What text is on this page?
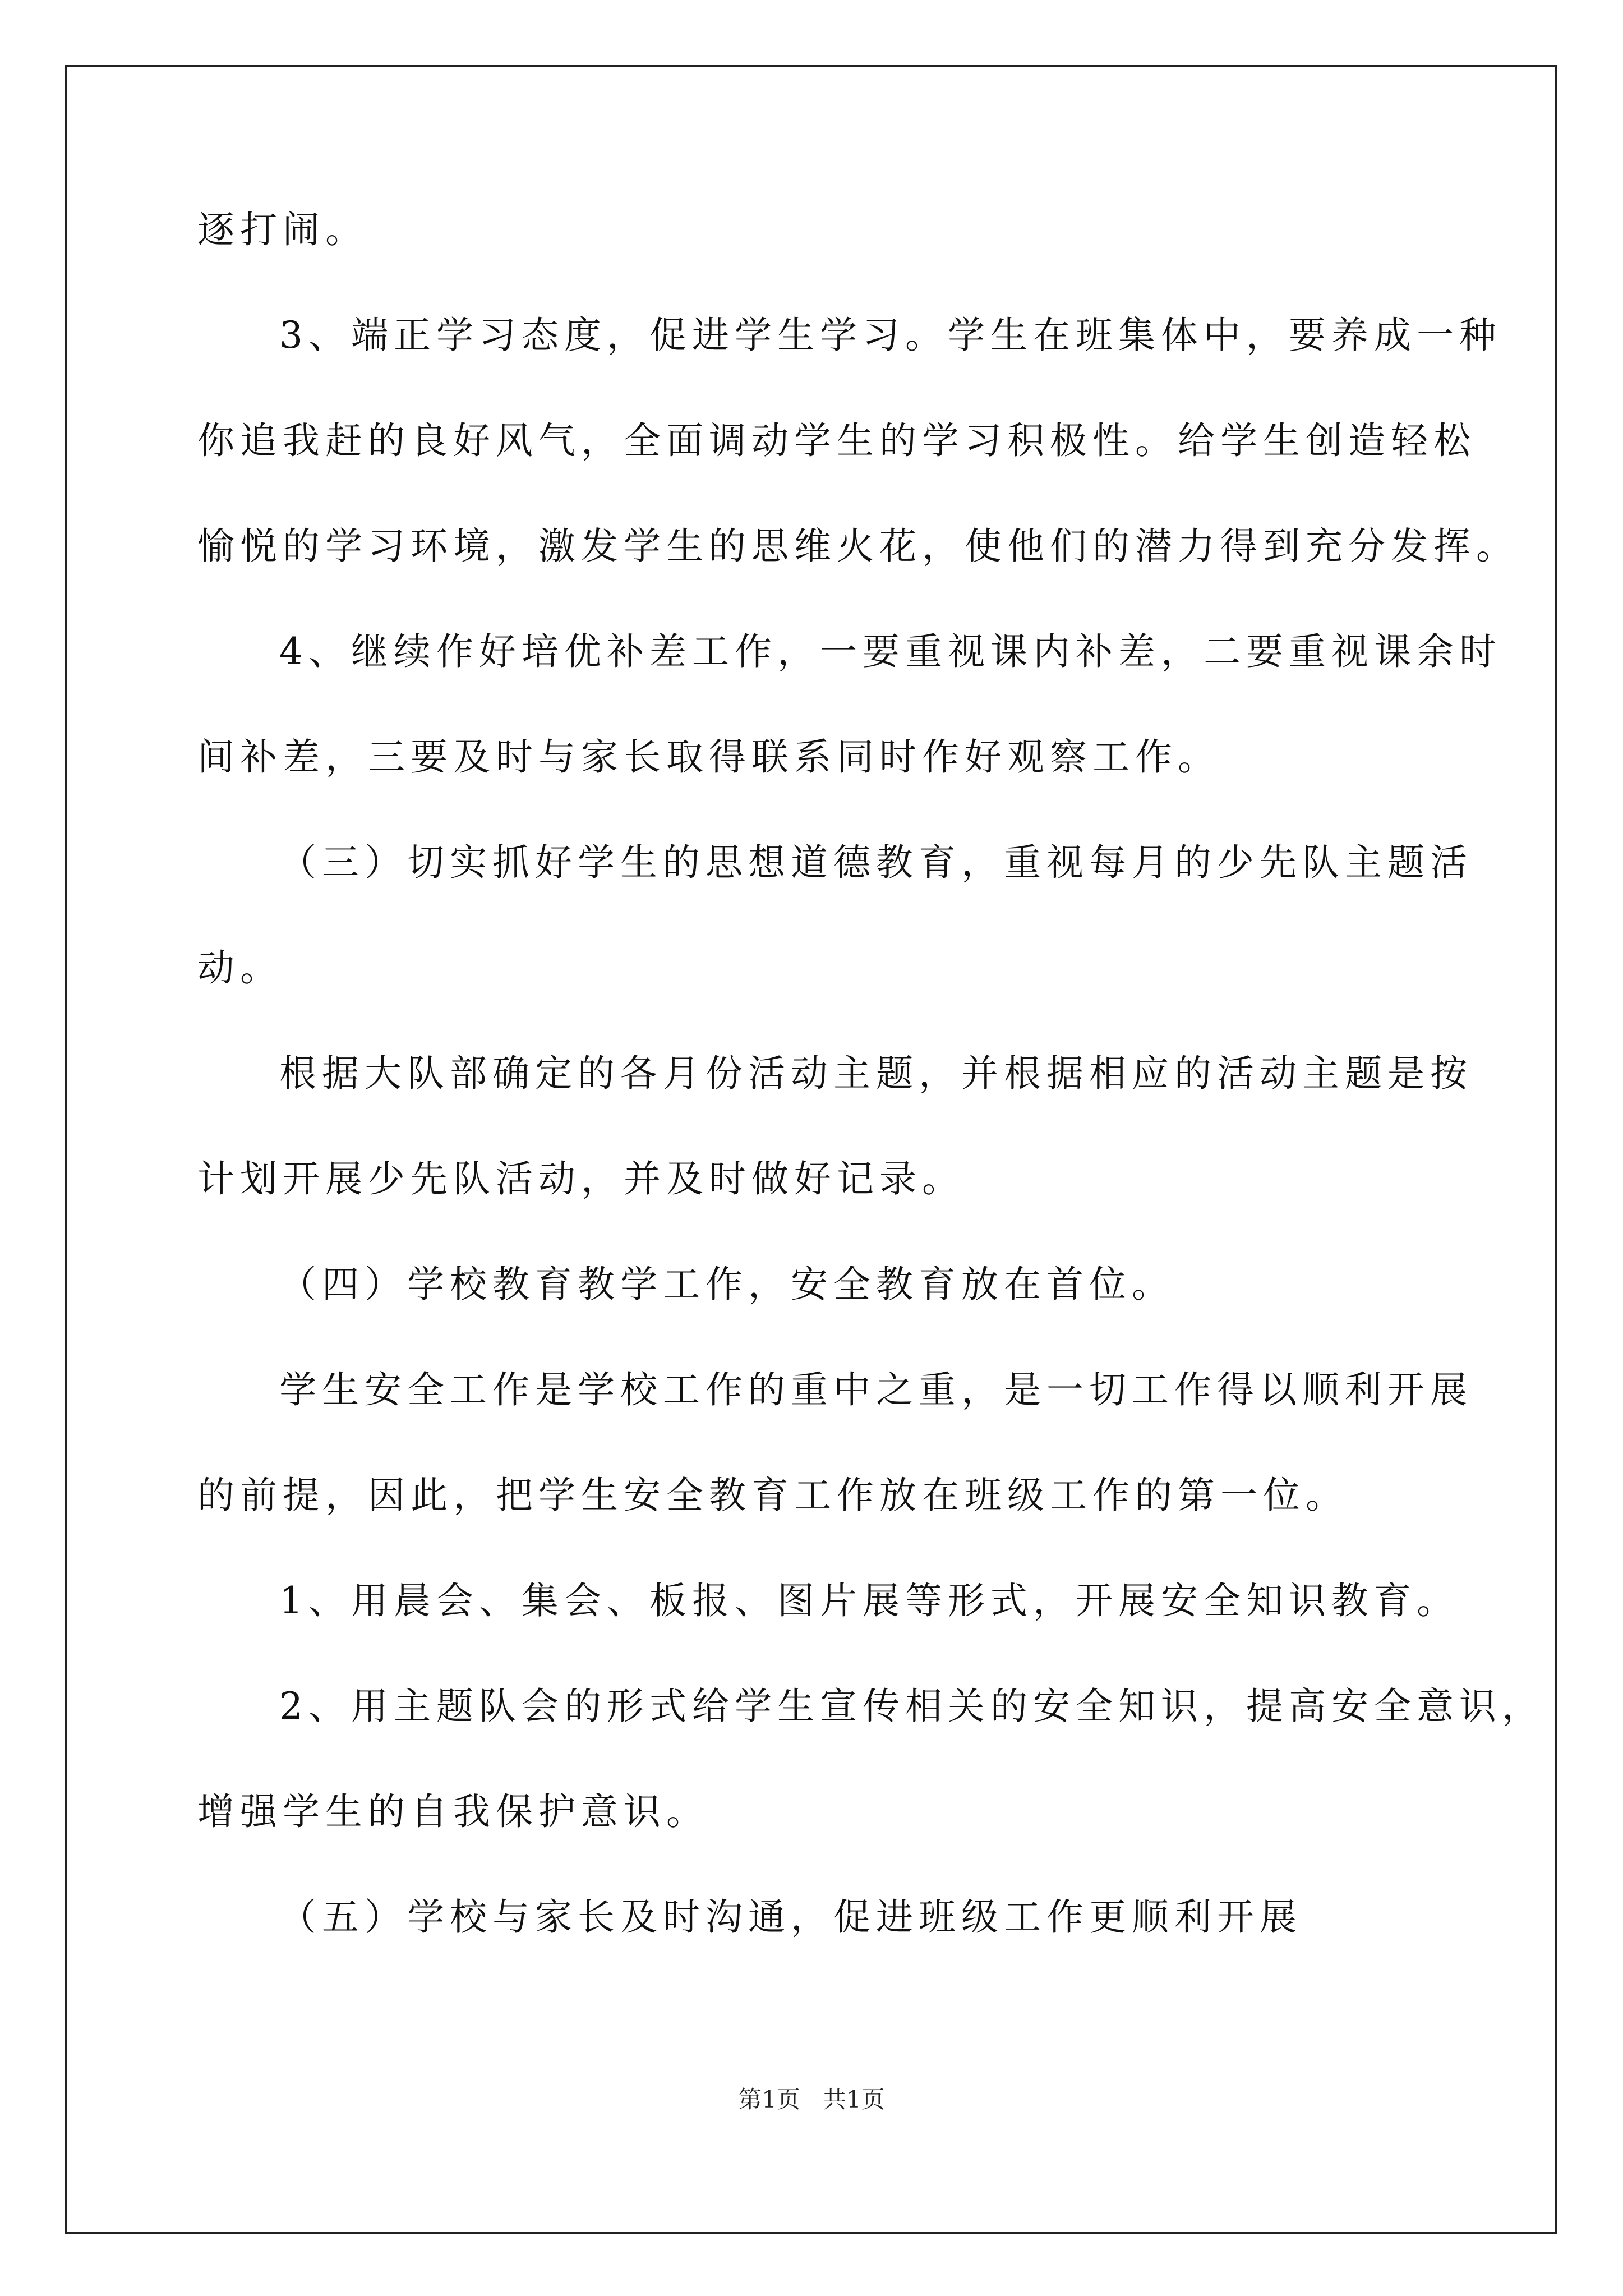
逐打闹。
3、端正学习态度，促进学生学习。学生在班集体中，要养成一种
你追我赶的良好风气，全面调动学生的学习积极性。给学生创造轻松
愉悦的学习环境，激发学生的思维火花，使他们的潜力得到充分发挥。
4、继续作好培优补差工作，一要重视课内补差，二要重视课余时
间补差，三要及时与家长取得联系同时作好观察工作。
（三）切实抓好学生的思想道德教育，重视每月的少先队主题活
动。
根据大队部确定的各月份活动主题，并根据相应的活动主题是按
计划开展少先队活动，并及时做好记录。
（四）学校教育教学工作，安全教育放在首位。
学生安全工作是学校工作的重中之重，是一切工作得以顺利开展
的前提，因此，把学生安全教育工作放在班级工作的第一位。
1、用晨会、集会、板报、图片展等形式，开展安全知识教育。
2、用主题队会的形式给学生宣传相关的安全知识，提高安全意识，
增强学生的自我保护意识。
（五）学校与家长及时沟通，促进班级工作更顺利开展
第1页   共1页
